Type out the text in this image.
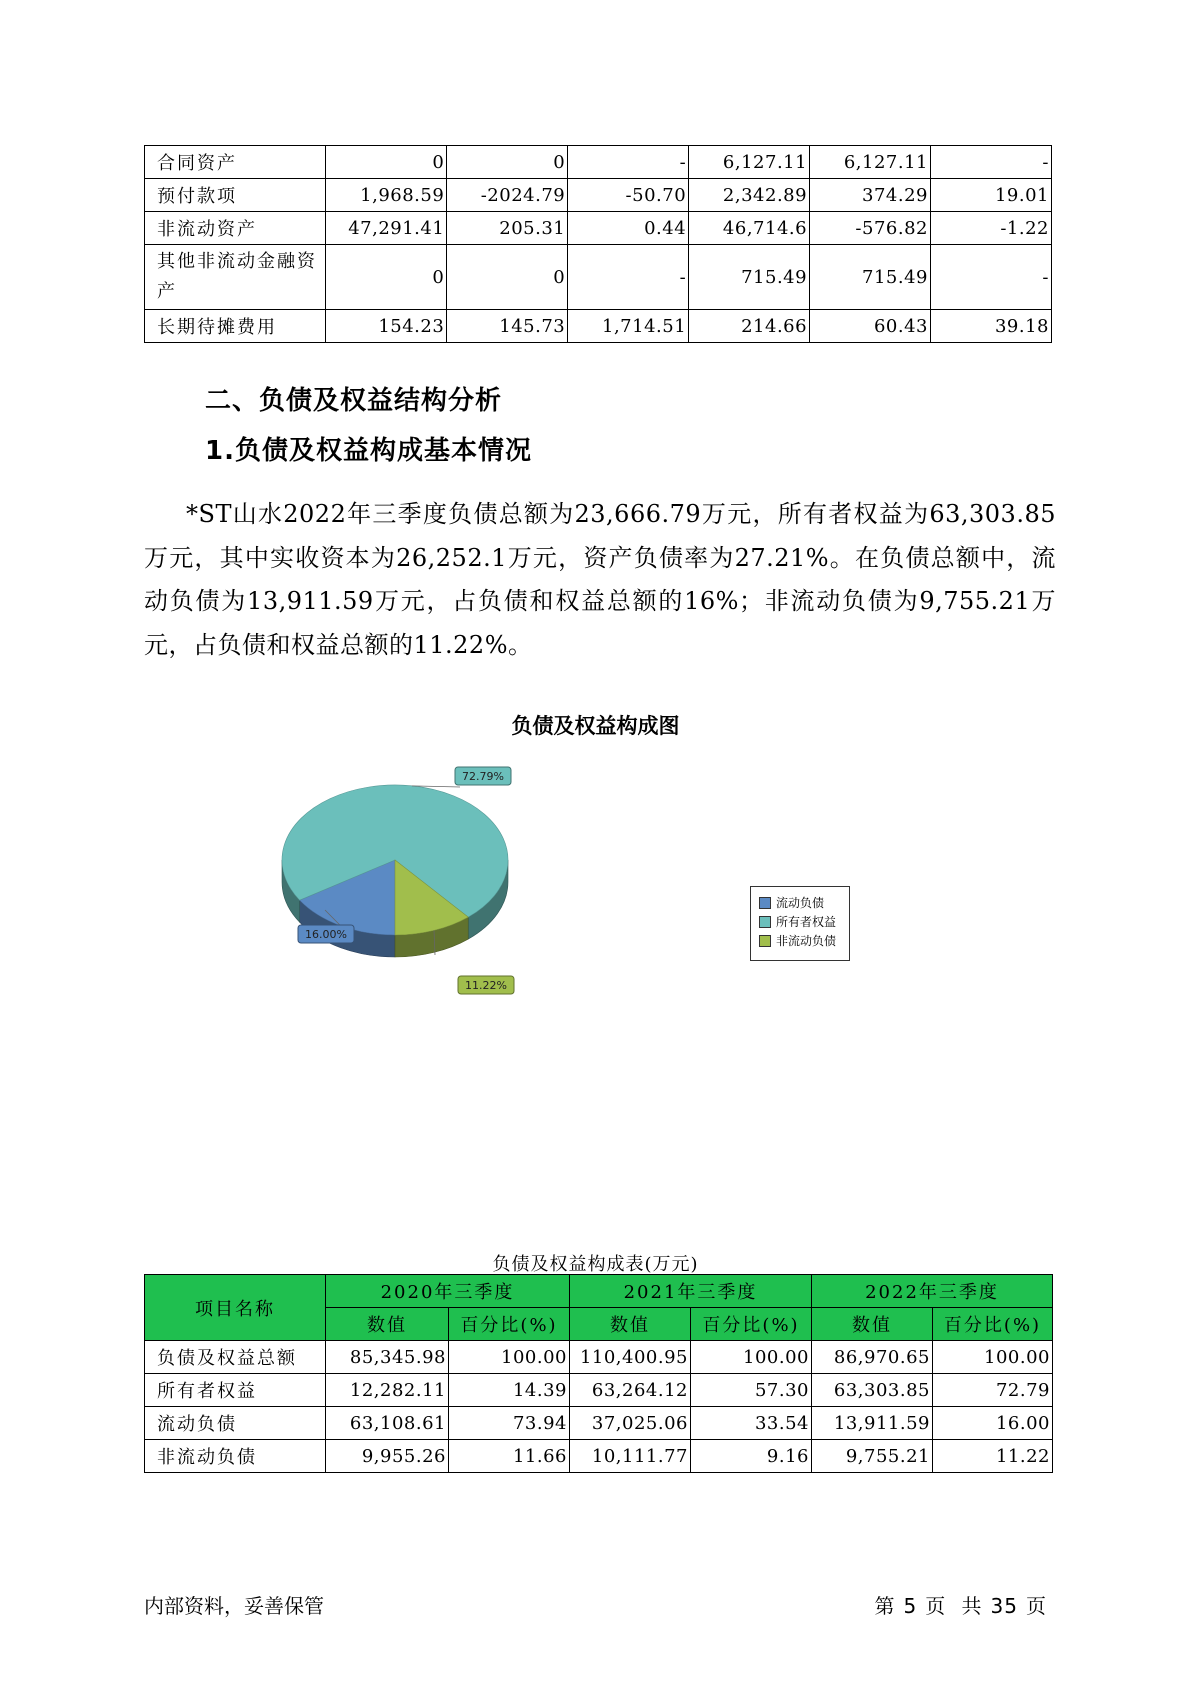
合同资产	0	0	-	6,127.11	6,127.11	-
预付款项	1,968.59	-2024.79	-50.70	2,342.89	374.29	19.01
非流动资产	47,291.41	205.31	0.44	46,714.6	-576.82	-1.22
其他非流动金融资产	0	0	-	715.49	715.49	-
长期待摊费用	154.23	145.73	1,714.51	214.66	60.43	39.18
二、负债及权益结构分析
1.负债及权益构成基本情况

*ST山水2022年三季度负债总额为23,666.79万元，所有者权益为63,303.85万元，其中实收资本为26,252.1万元，资产负债率为27.21%。在负债总额中，流动负债为13,911.59万元，占负债和权益总额的16%；非流动负债为9,755.21万元，占负债和权益总额的11.22%。

负债及权益构成图
16.00%
72.79%
11.22%
流动负债
所有者权益
非流动负债
负债及权益构成表(万元)
项目名称	2020年三季度		2021年三季度		2022年三季度	
	数值	百分比(%)	数值	百分比(%)	数值	百分比(%)
负债及权益总额	85,345.98	100.00	110,400.95	100.00	86,970.65	100.00
所有者权益	12,282.11	14.39	63,264.12	57.30	63,303.85	72.79
流动负债	63,108.61	73.94	37,025.06	33.54	13,911.59	16.00
非流动负债	9,955.26	11.66	10,111.77	9.16	9,755.21	11.22
内部资料，妥善保管	第 5 页 共 35 页
